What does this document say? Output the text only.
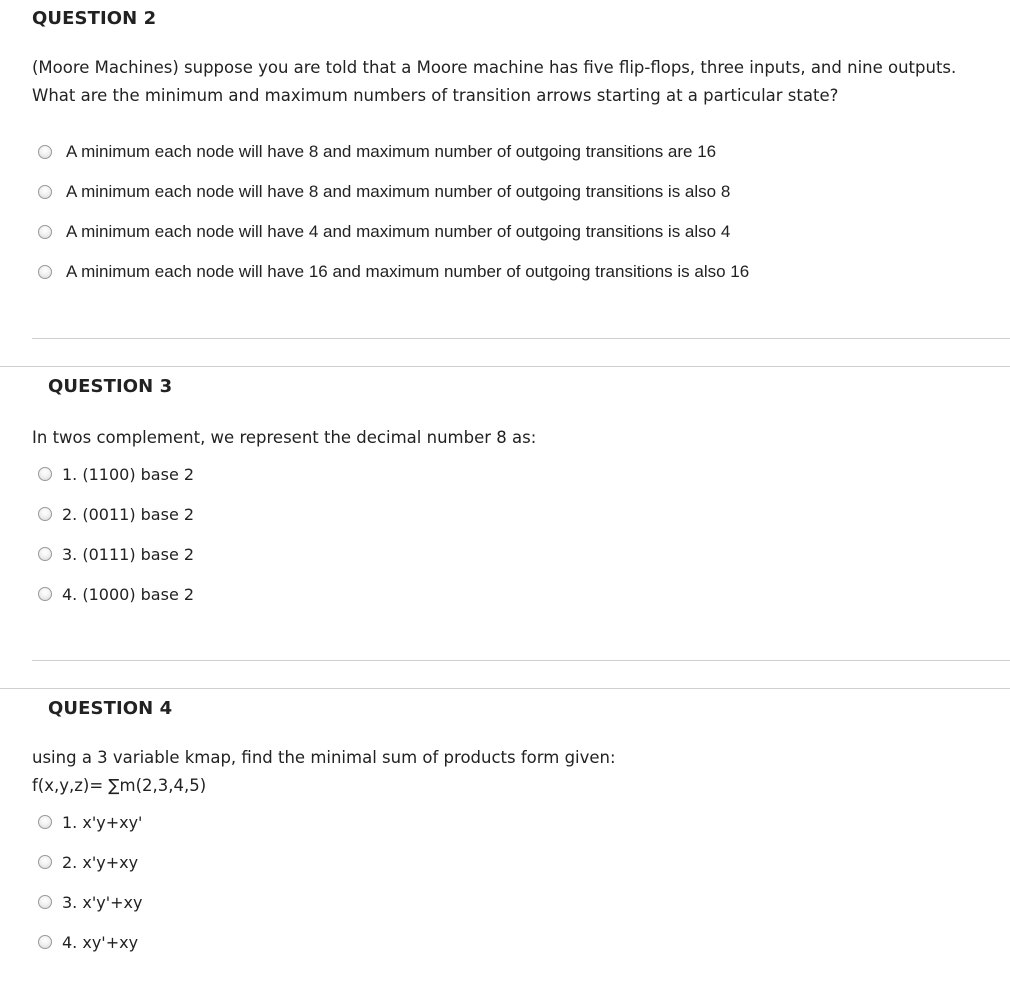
QUESTION 2

(Moore Machines) suppose you are told that a Moore machine has five flip-flops, three inputs, and nine outputs.

What are the minimum and maximum numbers of transition arrows starting at a particular state?

A minimum each node will have 8 and maximum number of outgoing transitions are 16
A minimum each node will have 8 and maximum number of outgoing transitions is also 8
A minimum each node will have 4 and maximum number of outgoing transitions is also 4
A minimum each node will have 16 and maximum number of outgoing transitions is also 16
QUESTION 3

In twos complement, we represent the decimal number 8 as:

1. (1100) base 2
2. (0011) base 2
3. (0111) base 2
4. (1000) base 2
QUESTION 4

using a 3 variable kmap, find the minimal sum of products form given:

f(x,y,z)= ∑m(2,3,4,5)

1. x'y+xy'
2. x'y+xy
3. x'y'+xy
4. xy'+xy
